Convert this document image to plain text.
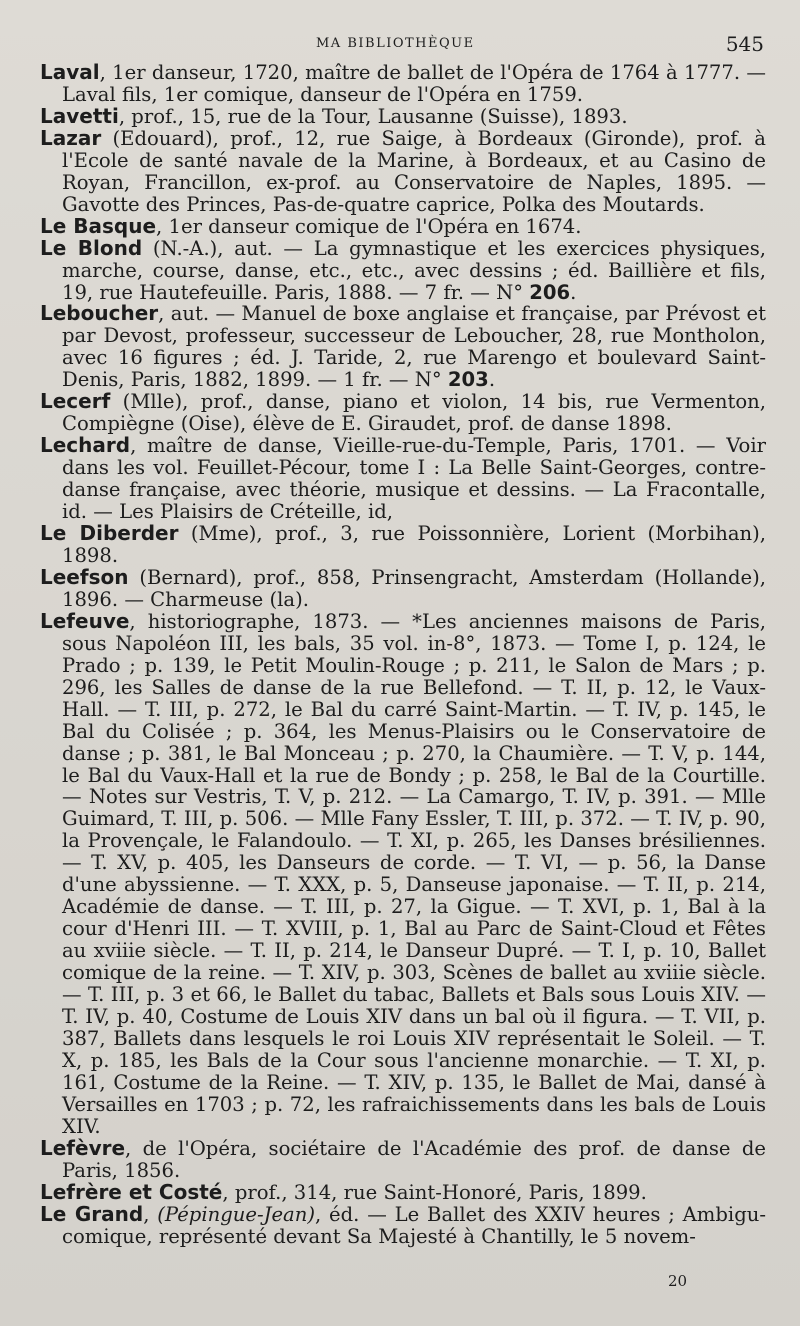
MA BIBLIOTHÈQUE	545

Laval, 1er danseur, 1720, maître de ballet de l'Opéra de 1764 à 1777. — Laval fils, 1er comique, danseur de l'Opéra en 1759.

Lavetti, prof., 15, rue de la Tour, Lausanne (Suisse), 1893.

Lazar (Edouard), prof., 12, rue Saige, à Bordeaux (Gironde), prof. à l'Ecole de santé navale de la Marine, à Bordeaux, et au Casino de Royan, Francillon, ex-prof. au Conservatoire de Naples, 1895. — Gavotte des Princes, Pas-de-quatre caprice, Polka des Moutards.

Le Basque, 1er danseur comique de l'Opéra en 1674.

Le Blond (N.-A.), aut. — La gymnastique et les exercices physiques, marche, course, danse, etc., etc., avec dessins ; éd. Baillière et fils, 19, rue Hautefeuille. Paris, 1888. — 7 fr. — N° 206.

Leboucher, aut. — Manuel de boxe anglaise et française, par Prévost et par Devost, professeur, successeur de Leboucher, 28, rue Montholon, avec 16 figures ; éd. J. Taride, 2, rue Marengo et boulevard Saint-Denis, Paris, 1882, 1899. — 1 fr. — N° 203.

Lecerf (Mlle), prof., danse, piano et violon, 14 bis, rue Vermenton, Compiègne (Oise), élève de E. Giraudet, prof. de danse 1898.

Lechard, maître de danse, Vieille-rue-du-Temple, Paris, 1701. — Voir dans les vol. Feuillet-Pécour, tome I : La Belle Saint-Georges, contre-danse française, avec théorie, musique et dessins. — La Fracontalle, id. — Les Plaisirs de Créteille, id,

Le Diberder (Mme), prof., 3, rue Poissonnière, Lorient (Morbihan), 1898.

Leefson (Bernard), prof., 858, Prinsengracht, Amsterdam (Hollande), 1896. — Charmeuse (la).

Lefeuve, historiographe, 1873. — *Les anciennes maisons de Paris, sous Napoléon III, les bals, 35 vol. in-8°, 1873. — Tome I, p. 124, le Prado ; p. 139, le Petit Moulin-Rouge ; p. 211, le Salon de Mars ; p. 296, les Salles de danse de la rue Bellefond. — T. II, p. 12, le Vaux-Hall. — T. III, p. 272, le Bal du carré Saint-Martin. — T. IV, p. 145, le Bal du Colisée ; p. 364, les Menus-Plaisirs ou le Conservatoire de danse ; p. 381, le Bal Monceau ; p. 270, la Chaumière. — T. V, p. 144, le Bal du Vaux-Hall et la rue de Bondy ; p. 258, le Bal de la Courtille. — Notes sur Vestris, T. V, p. 212. — La Camargo, T. IV, p. 391. — Mlle Guimard, T. III, p. 506. — Mlle Fany Essler, T. III, p. 372. — T. IV, p. 90, la Provençale, le Falandoulo. — T. XI, p. 265, les Danses brésiliennes. — T. XV, p. 405, les Danseurs de corde. — T. VI, — p. 56, la Danse d'une abyssienne. — T. XXX, p. 5, Danseuse japonaise. — T. II, p. 214, Académie de danse. — T. III, p. 27, la Gigue. — T. XVI, p. 1, Bal à la cour d'Henri III. — T. XVIII, p. 1, Bal au Parc de Saint-Cloud et Fêtes au xviiie siècle. — T. II, p. 214, le Danseur Dupré. — T. I, p. 10, Ballet comique de la reine. — T. XIV, p. 303, Scènes de ballet au xviiie siècle. — T. III, p. 3 et 66, le Ballet du tabac, Ballets et Bals sous Louis XIV. — T. IV, p. 40, Costume de Louis XIV dans un bal où il figura. — T. VII, p. 387, Ballets dans lesquels le roi Louis XIV représentait le Soleil. — T. X, p. 185, les Bals de la Cour sous l'ancienne monarchie. — T. XI, p. 161, Costume de la Reine. — T. XIV, p. 135, le Ballet de Mai, dansé à Versailles en 1703 ; p. 72, les rafraichissements dans les bals de Louis XIV.

Lefèvre, de l'Opéra, sociétaire de l'Académie des prof. de danse de Paris, 1856.

Lefrère et Costé, prof., 314, rue Saint-Honoré, Paris, 1899.

Le Grand, (Pépingue-Jean), éd. — Le Ballet des XXIV heures ; Ambigu-comique, représenté devant Sa Majesté à Chantilly, le 5 novem-

20
